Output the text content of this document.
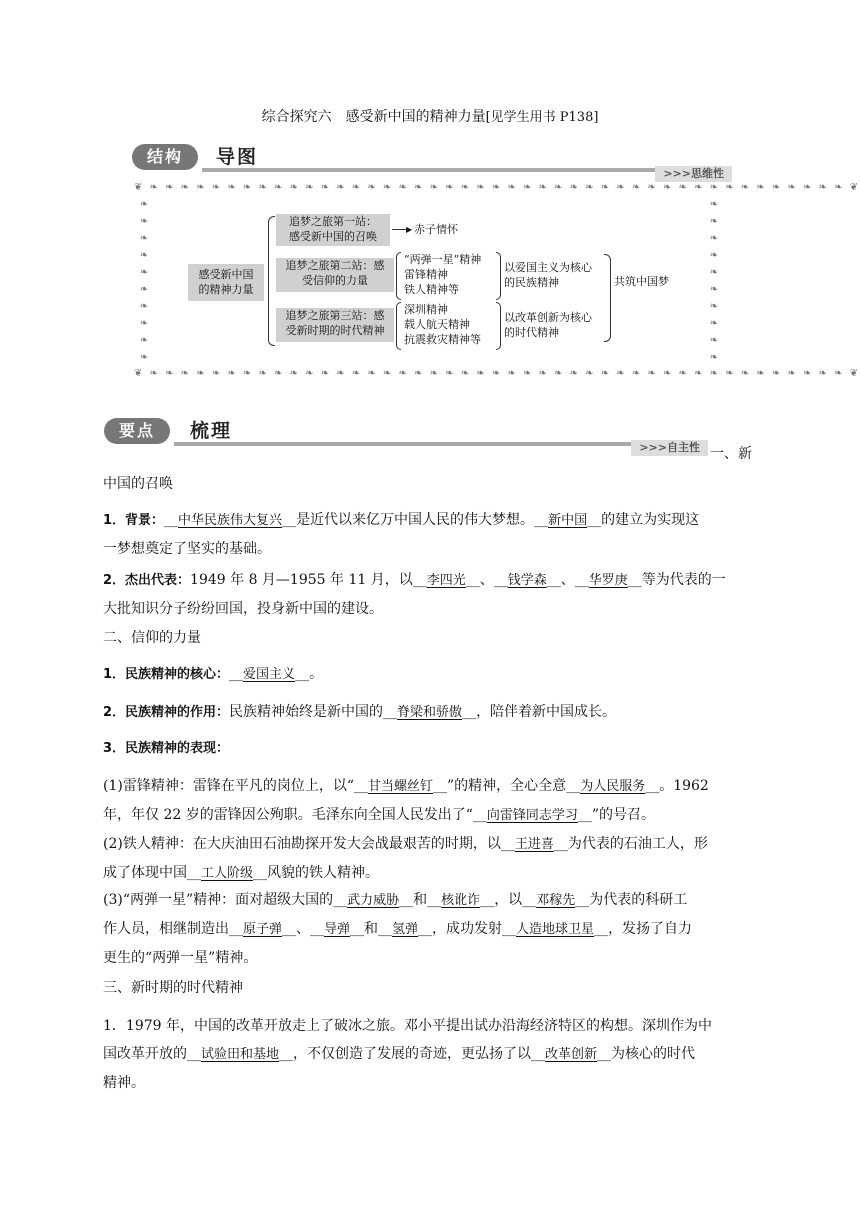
综合探究六　感受新中国的精神力量[见学生用书 P138]
结构	导图
>>>思维性
❦ ❧ ❧ ❧ ❧ ❧ ❧ ❧ ❧ ❧ ❧ ❧ ❧ ❧ ❧ ❧ ❧ ❧ ❧ ❧ ❧ ❧ ❧ ❧ ❧ ❧ ❧ ❧ ❧ ❧ ❧ ❧ ❧ ❧ ❧ ❧ ❧ ❧ ❧ ❧ ❧ ❧ ❧ ❧ ❧ ❧ ❦
❦ ❧ ❧ ❧ ❧ ❧ ❧ ❧ ❧ ❧ ❧ ❧ ❧ ❧ ❧ ❧ ❧ ❧ ❧ ❧ ❧ ❧ ❧ ❧ ❧ ❧ ❧ ❧ ❧ ❧ ❧ ❧ ❧ ❧ ❧ ❧ ❧ ❧ ❧ ❧ ❧ ❧ ❧ ❧ ❧ ❧ ❦
❧
❧
❧
❧
❧
❧
❧
❧
❧
❧
❧
❧
❧
❧
❧
❧
❧
❧
❧
❧
感受新中国
的精神力量
追梦之旅第一站：
感受新中国的召唤
▶ 赤子情怀
追梦之旅第二站：感
受信仰的力量
“两弹一星”精神
雷锋精神
铁人精神等
以爱国主义为核心
的民族精神
追梦之旅第三站：感
受新时期的时代精神
深圳精神
载人航天精神
抗震救灾精神等
以改革创新为核心
的时代精神
共筑中国梦
要点	梳理
>>>自主性 一、新
中国的召唤
1．背景：__中华民族伟大复兴__是近代以来亿万中国人民的伟大梦想。__新中国__的建立为实现这
一梦想奠定了坚实的基础。
2．杰出代表：1949 年 8 月—1955 年 11 月，以__李四光__、__钱学森__、__华罗庚__等为代表的一
大批知识分子纷纷回国，投身新中国的建设。
二、信仰的力量
1．民族精神的核心：__爱国主义__。
2．民族精神的作用：民族精神始终是新中国的__脊梁和骄傲__，陪伴着新中国成长。
3．民族精神的表现：
(1)雷锋精神：雷锋在平凡的岗位上，以“__甘当螺丝钉__”的精神，全心全意__为人民服务__。1962
年，年仅 22 岁的雷锋因公殉职。毛泽东向全国人民发出了“__向雷锋同志学习__”的号召。
(2)铁人精神：在大庆油田石油勘探开发大会战最艰苦的时期，以__王进喜__为代表的石油工人，形
成了体现中国__工人阶级__风貌的铁人精神。
(3)“两弹一星”精神：面对超级大国的__武力威胁__和__核讹诈__，以__邓稼先__为代表的科研工
作人员，相继制造出__原子弹__、__导弹__和__氢弹__，成功发射__人造地球卫星__，发扬了自力
更生的“两弹一星”精神。
三、新时期的时代精神
1．1979 年，中国的改革开放走上了破冰之旅。邓小平提出试办沿海经济特区的构想。深圳作为中
国改革开放的__试验田和基地__，不仅创造了发展的奇迹，更弘扬了以__改革创新__为核心的时代
精神。
